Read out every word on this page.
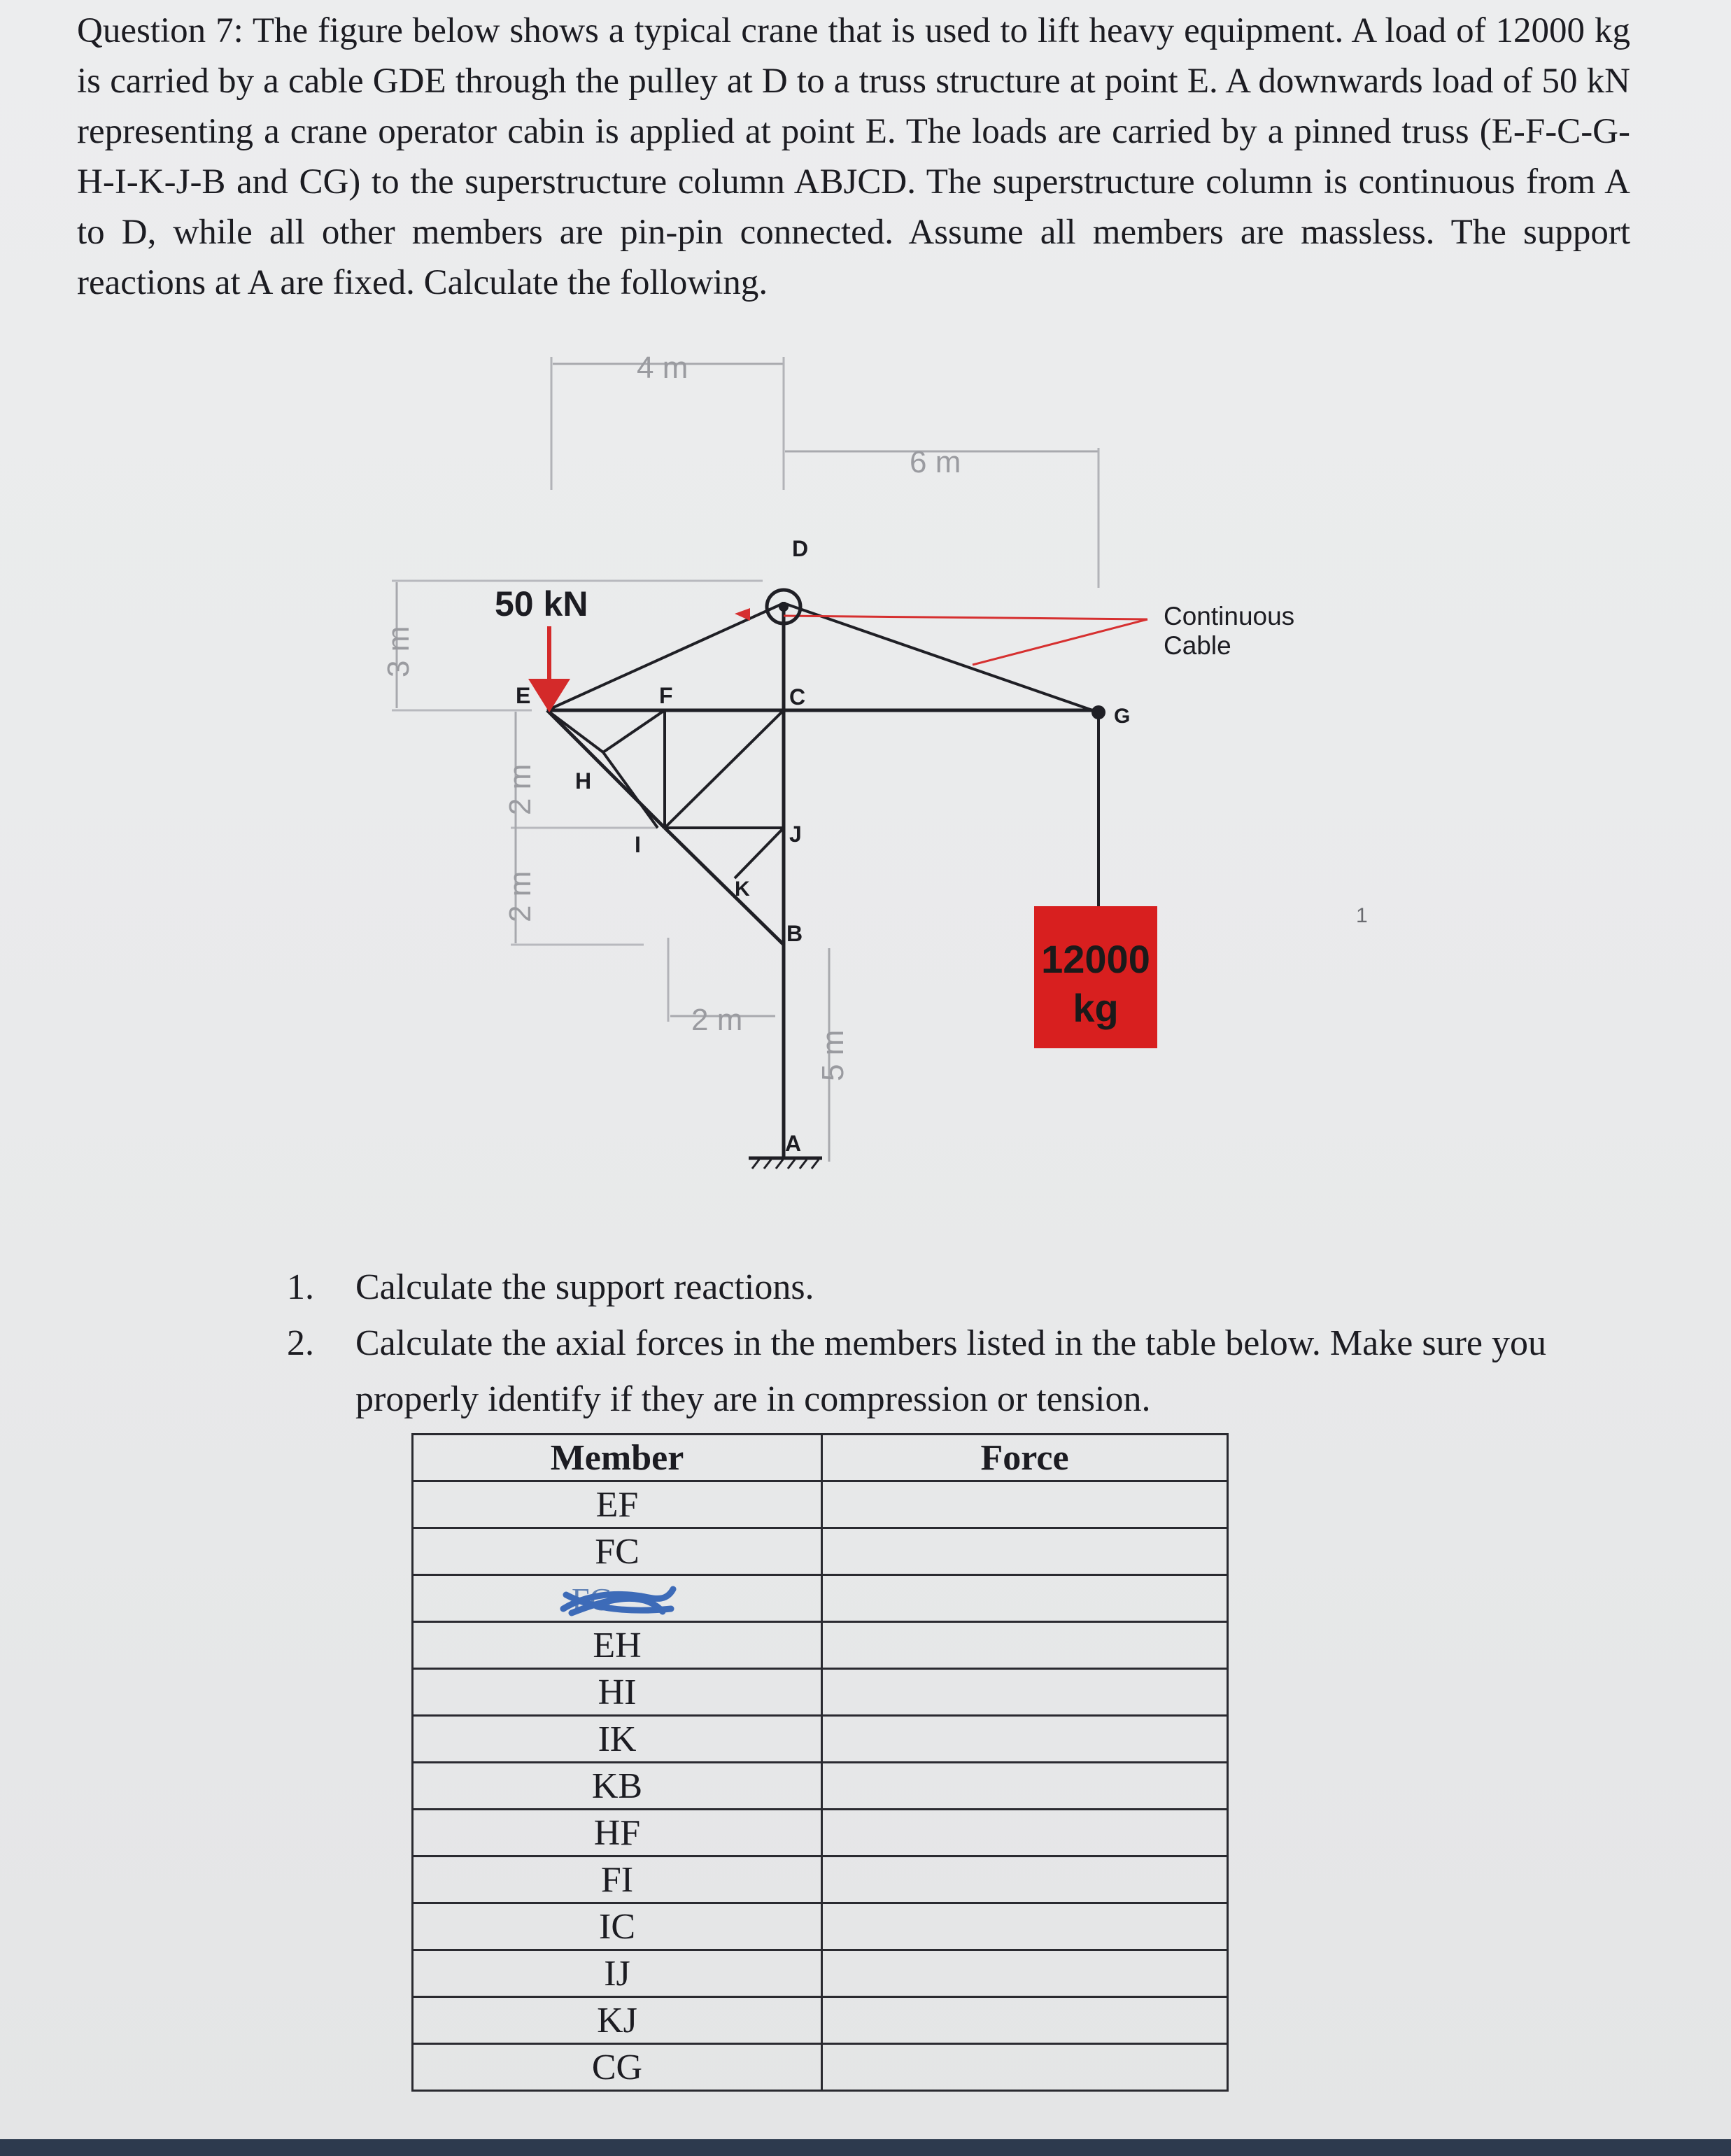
Question 7: The figure below shows a typical crane that is used to lift heavy equipment. A load of 12000 kg is carried by a cable GDE through the pulley at D to a truss structure at point E. A downwards load of 50 kN representing a crane operator cabin is applied at point E. The loads are carried by a pinned truss (E-F-C-G-H-I-K-J-B and CG) to the superstructure column ABJCD. The superstructure column is continuous from A to D, while all other members are pin-pin connected. Assume all members are massless. The support reactions at A are fixed. Calculate the following.

4 m
6 m
3 m
2 m
2 m
2 m
5 m
50 kN
D
E	F	C
G
H
I	J
K
B
A
Continuous
Cable
12000
kg
1
1. Calculate the support reactions.
2. Calculate the axial forces in the members listed in the table below. Make sure you properly identify if they are in compression or tension.
Member	Force
EF	
FC	

FG	

EH	
HI	
IK	
KB	
HF	
FI	
IC	
IJ	
KJ	
CG	
